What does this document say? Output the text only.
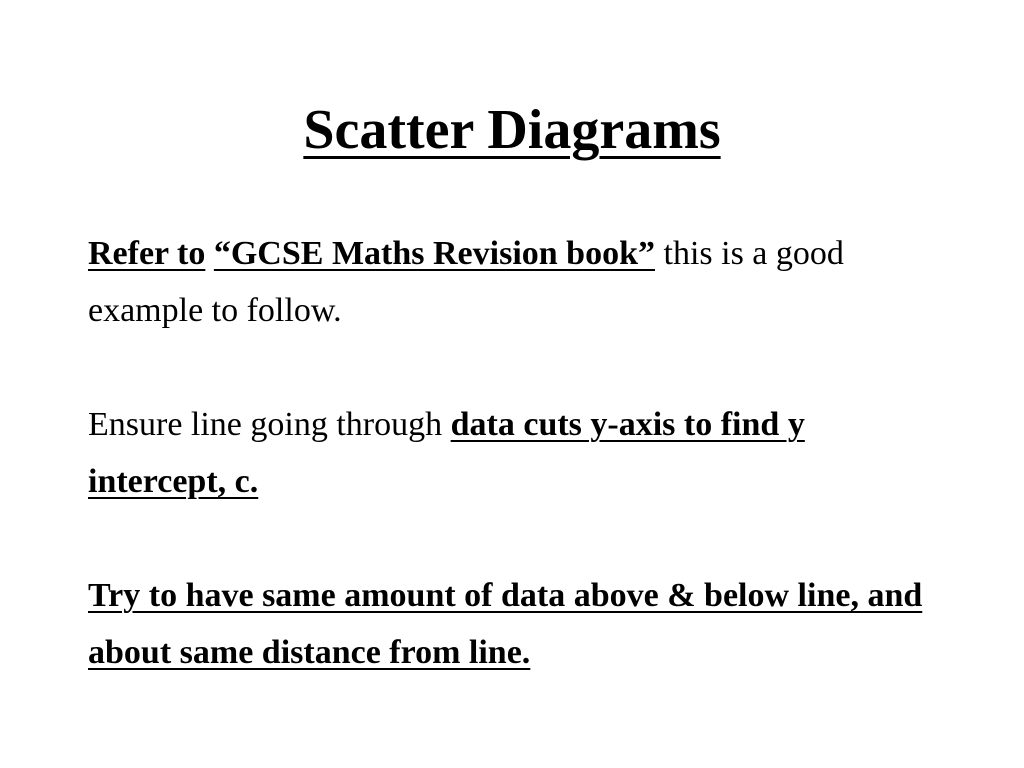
Scatter Diagrams

Refer to “GCSE Maths Revision book” this is a good example to follow.

Ensure line going through data cuts y-axis to find y intercept, c.

Try to have same amount of data above & below line, and about same distance from line.
